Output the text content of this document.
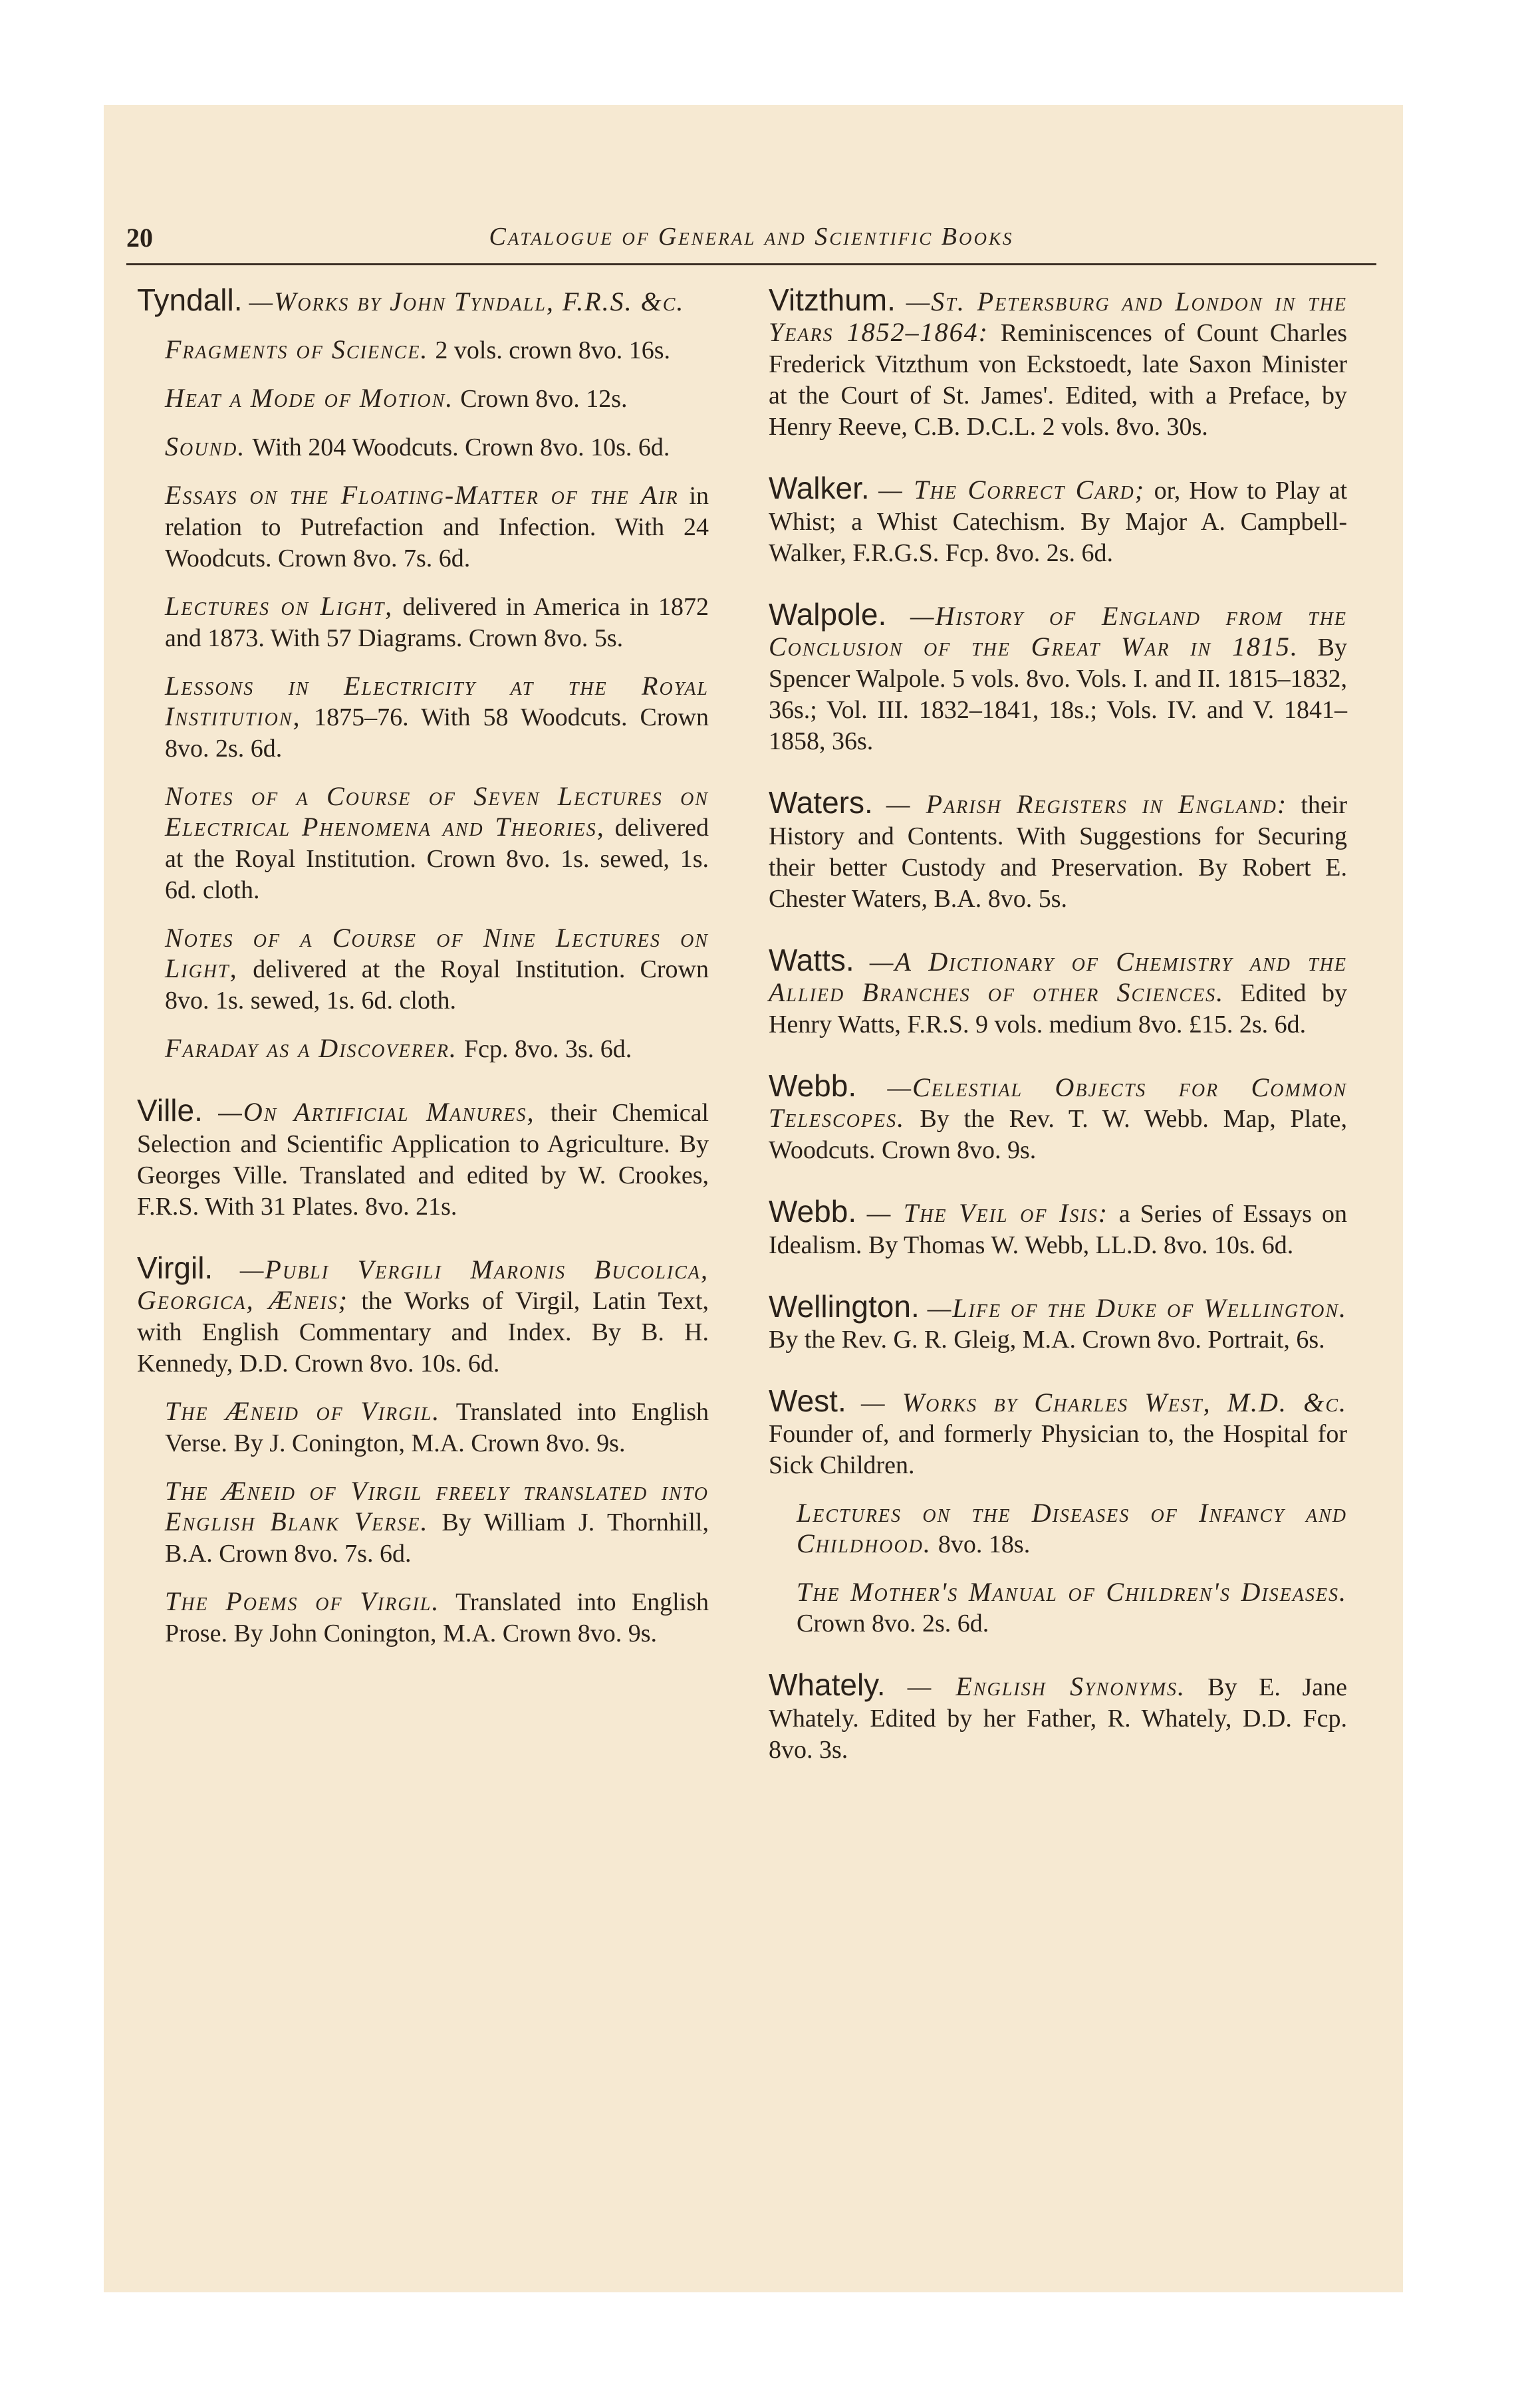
20	Catalogue of General and Scientific Books
Tyndall. —Works by John Tyndall, F.R.S. &c.
Fragments of Science. 2 vols. crown 8vo. 16s.
Heat a Mode of Motion. Crown 8vo. 12s.
Sound. With 204 Woodcuts. Crown 8vo. 10s. 6d.
Essays on the Floating-Matter of the Air in relation to Putrefaction and Infection. With 24 Woodcuts. Crown 8vo. 7s. 6d.
Lectures on Light, delivered in America in 1872 and 1873. With 57 Diagrams. Crown 8vo. 5s.
Lessons in Electricity at the Royal Institution, 1875–76. With 58 Woodcuts. Crown 8vo. 2s. 6d.
Notes of a Course of Seven Lectures on Electrical Phenomena and Theories, delivered at the Royal Institution. Crown 8vo. 1s. sewed, 1s. 6d. cloth.
Notes of a Course of Nine Lectures on Light, delivered at the Royal Institution. Crown 8vo. 1s. sewed, 1s. 6d. cloth.
Faraday as a Discoverer. Fcp. 8vo. 3s. 6d.
Ville. —On Artificial Manures, their Chemical Selection and Scientific Application to Agriculture. By Georges Ville. Translated and edited by W. Crookes, F.R.S. With 31 Plates. 8vo. 21s.
Virgil. —Publi Vergili Maronis Bucolica, Georgica, Æneis; the Works of Virgil, Latin Text, with English Commentary and Index. By B. H. Kennedy, D.D. Crown 8vo. 10s. 6d.
The Æneid of Virgil. Translated into English Verse. By J. Conington, M.A. Crown 8vo. 9s.
The Æneid of Virgil freely translated into English Blank Verse. By William J. Thornhill, B.A. Crown 8vo. 7s. 6d.
The Poems of Virgil. Translated into English Prose. By John Conington, M.A. Crown 8vo. 9s.
Vitzthum. —St. Petersburg and London in the Years 1852–1864: Reminiscences of Count Charles Frederick Vitzthum von Eckstoedt, late Saxon Minister at the Court of St. James'. Edited, with a Preface, by Henry Reeve, C.B. D.C.L. 2 vols. 8vo. 30s.
Walker. — The Correct Card; or, How to Play at Whist; a Whist Catechism. By Major A. Campbell-Walker, F.R.G.S. Fcp. 8vo. 2s. 6d.
Walpole. —History of England from the Conclusion of the Great War in 1815. By Spencer Walpole. 5 vols. 8vo. Vols. I. and II. 1815–1832, 36s.; Vol. III. 1832–1841, 18s.; Vols. IV. and V. 1841–1858, 36s.
Waters. — Parish Registers in England: their History and Contents. With Suggestions for Securing their better Custody and Preservation. By Robert E. Chester Waters, B.A. 8vo. 5s.
Watts. —A Dictionary of Chemistry and the Allied Branches of other Sciences. Edited by Henry Watts, F.R.S. 9 vols. medium 8vo. £15. 2s. 6d.
Webb. —Celestial Objects for Common Telescopes. By the Rev. T. W. Webb. Map, Plate, Woodcuts. Crown 8vo. 9s.
Webb. — The Veil of Isis: a Series of Essays on Idealism. By Thomas W. Webb, LL.D. 8vo. 10s. 6d.
Wellington. —Life of the Duke of Wellington. By the Rev. G. R. Gleig, M.A. Crown 8vo. Portrait, 6s.
West. — Works by Charles West, M.D. &c. Founder of, and formerly Physician to, the Hospital for Sick Children.
Lectures on the Diseases of Infancy and Childhood. 8vo. 18s.
The Mother's Manual of Children's Diseases. Crown 8vo. 2s. 6d.
Whately. — English Synonyms. By E. Jane Whately. Edited by her Father, R. Whately, D.D. Fcp. 8vo. 3s.
